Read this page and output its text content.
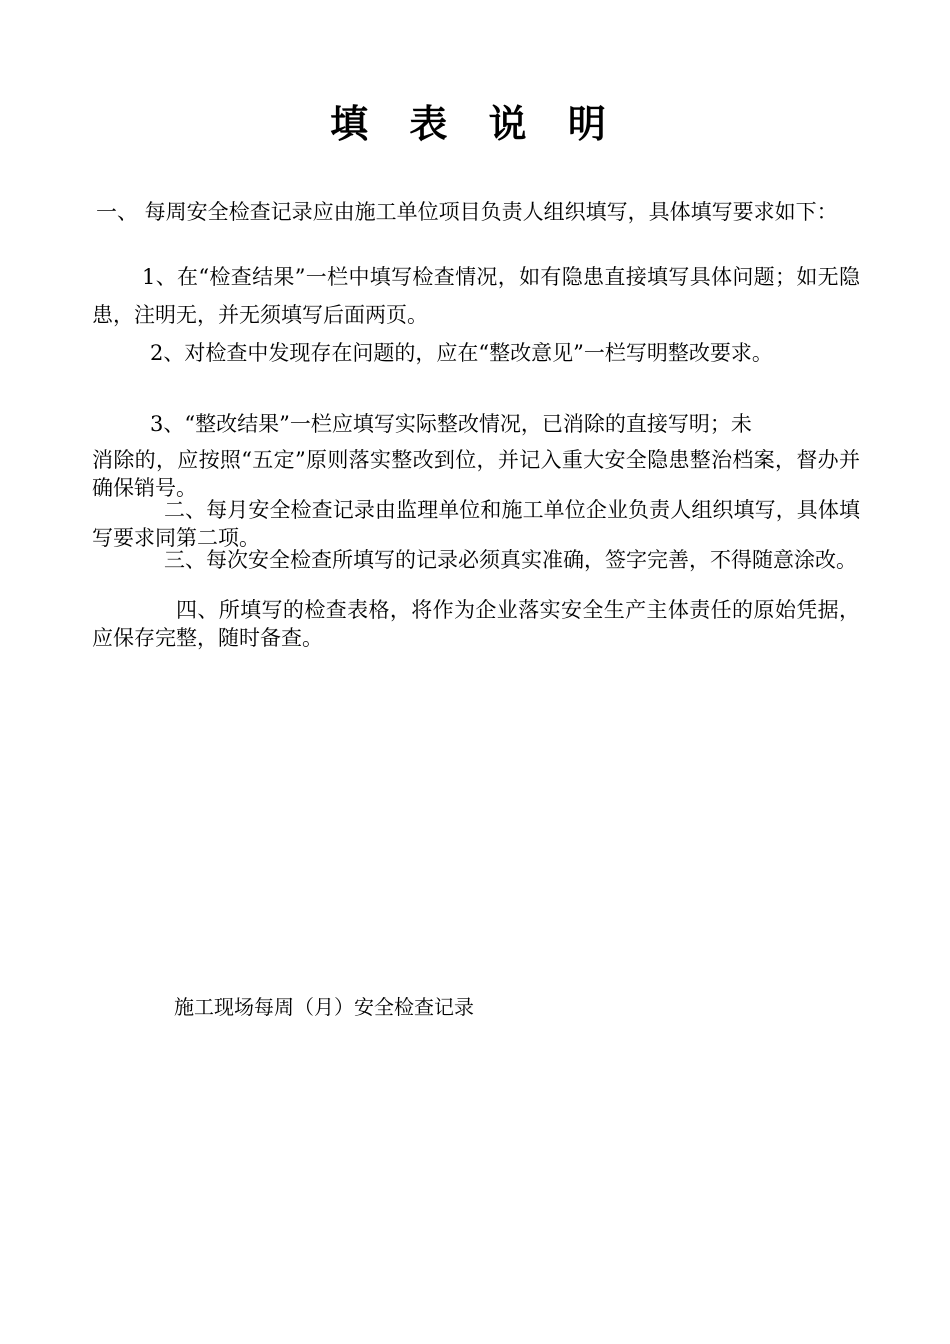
填 表 说 明

一、 每周安全检查记录应由施工单位项目负责人组织填写，具体填写要求如下：

1、在“检查结果”一栏中填写检查情况，如有隐患直接填写具体问题；如无隐患，注明无，并无须填写后面两页。

2、对检查中发现存在问题的，应在“整改意见”一栏写明整改要求。

3、“整改结果”一栏应填写实际整改情况，已消除的直接写明；未

消除的，应按照“五定”原则落实整改到位，并记入重大安全隐患整治档案，督办并确保销号。

二、每月安全检查记录由监理单位和施工单位企业负责人组织填写，具体填写要求同第二项。

三、每次安全检查所填写的记录必须真实准确，签字完善，不得随意涂改。

四、所填写的检查表格，将作为企业落实安全生产主体责任的原始凭据，应保存完整，随时备查。

施工现场每周（月）安全检查记录
